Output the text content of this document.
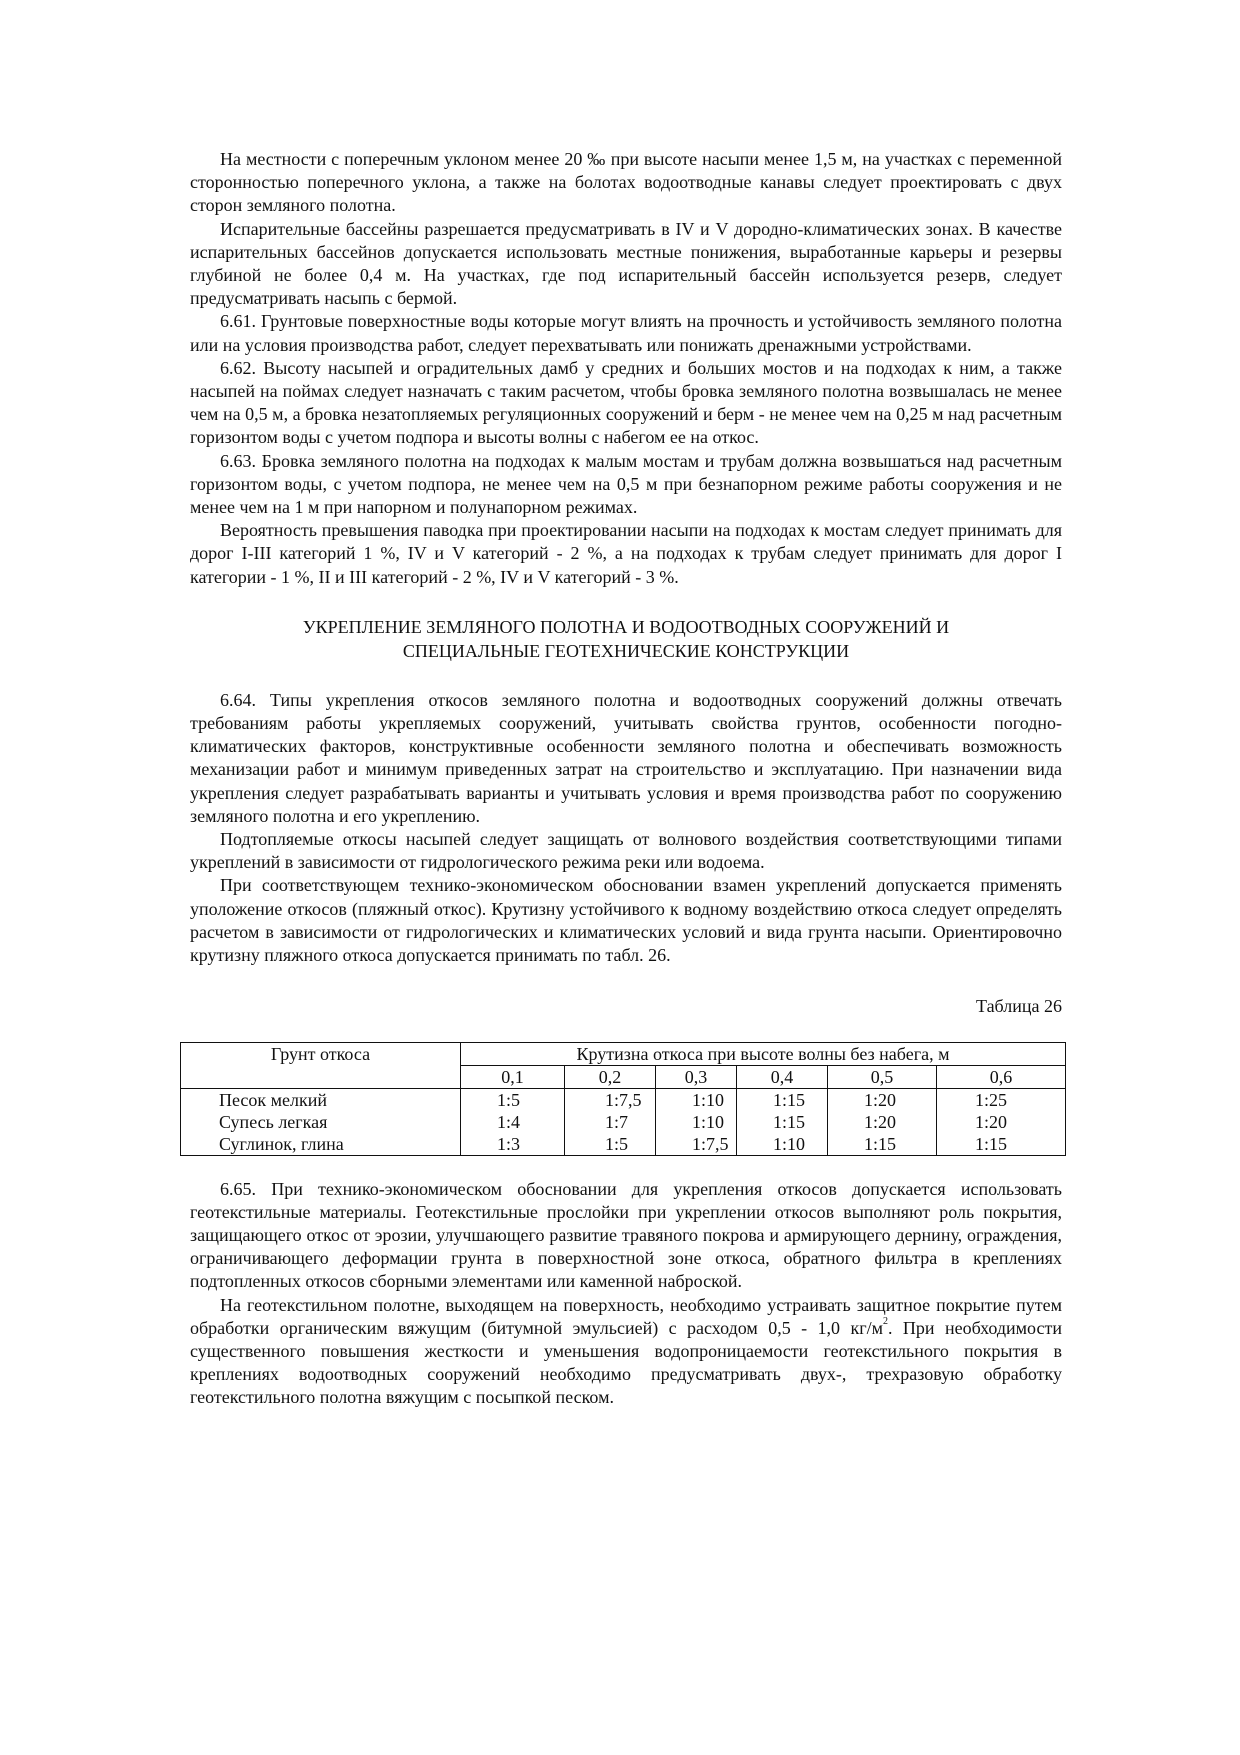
На местности с поперечным уклоном менее 20 ‰ при высоте насыпи менее 1,5 м, на участках с переменной сторонностью поперечного уклона, а также на болотах водоотводные канавы следует проектировать с двух сторон земляного полотна.

Испарительные бассейны разрешается предусматривать в IV и V дородно-климатических зонах. В качестве испарительных бассейнов допускается использовать местные понижения, выработанные карьеры и резервы глубиной не более 0,4 м. На участках, где под испарительный бассейн используется резерв, следует предусматривать насыпь с бермой.

6.61. Грунтовые поверхностные воды которые могут влиять на прочность и устойчивость земляного полотна или на условия производства работ, следует перехватывать или понижать дренажными устройствами.

6.62. Высоту насыпей и оградительных дамб у средних и больших мостов и на подходах к ним, а также насыпей на поймах следует назначать с таким расчетом, чтобы бровка земляного полотна возвышалась не менее чем на 0,5 м, а бровка незатопляемых регуляционных сооружений и берм - не менее чем на 0,25 м над расчетным горизонтом воды с учетом подпора и высоты волны с набегом ее на откос.

6.63. Бровка земляного полотна на подходах к малым мостам и трубам должна возвышаться над расчетным горизонтом воды, с учетом подпора, не менее чем на 0,5 м при безнапорном режиме работы сооружения и не менее чем на 1 м при напорном и полунапорном режимах.

Вероятность превышения паводка при проектировании насыпи на подходах к мостам следует принимать для дорог I-III категорий 1 %, IV и V категорий - 2 %, а на подходах к трубам следует принимать для дорог I категории - 1 %, II и III категорий - 2 %, IV и V категорий - 3 %.

УКРЕПЛЕНИЕ ЗЕМЛЯНОГО ПОЛОТНА И ВОДООТВОДНЫХ СООРУЖЕНИЙ И
СПЕЦИАЛЬНЫЕ ГЕОТЕХНИЧЕСКИЕ КОНСТРУКЦИИ

6.64. Типы укрепления откосов земляного полотна и водоотводных сооружений должны отвечать требованиям работы укрепляемых сооружений, учитывать свойства грунтов, особенности погодно-климатических факторов, конструктивные особенности земляного полотна и обеспечивать возможность механизации работ и минимум приведенных затрат на строительство и эксплуатацию. При назначении вида укрепления следует разрабатывать варианты и учитывать условия и время производства работ по сооружению земляного полотна и его укреплению.

Подтопляемые откосы насыпей следует защищать от волнового воздействия соответствующими типами укреплений в зависимости от гидрологического режима реки или водоема.

При соответствующем технико-экономическом обосновании взамен укреплений допускается применять уположение откосов (пляжный откос). Крутизну устойчивого к водному воздействию откоса следует определять расчетом в зависимости от гидрологических и климатических условий и вида грунта насыпи. Ориентировочно крутизну пляжного откоса допускается принимать по табл. 26.

Таблица 26
Грунт откоса	Крутизна откоса при высоте волны без набега, м					
	0,1	0,2	0,3	0,4	0,5	0,6
Песок мелкий	1:5	1:7,5	1:10	1:15	1:20	1:25
Супесь легкая	1:4	1:7	1:10	1:15	1:20	1:20
Суглинок, глина	1:3	1:5	1:7,5	1:10	1:15	1:15

6.65. При технико-экономическом обосновании для укрепления откосов допускается использовать геотекстильные материалы. Геотекстильные прослойки при укреплении откосов выполняют роль покрытия, защищающего откос от эрозии, улучшающего развитие травяного покрова и армирующего дернину, ограждения, ограничивающего деформации грунта в поверхностной зоне откоса, обратного фильтра в креплениях подтопленных откосов сборными элементами или каменной наброской.

На геотекстильном полотне, выходящем на поверхность, необходимо устраивать защитное покрытие путем обработки органическим вяжущим (битумной эмульсией) с расходом 0,5 - 1,0 $кг/м^2$. При необходимости существенного повышения жесткости и уменьшения водопроницаемости геотекстильного покрытия в креплениях водоотводных сооружений необходимо предусматривать двух-, трехразовую обработку геотекстильного полотна вяжущим с посыпкой песком.
